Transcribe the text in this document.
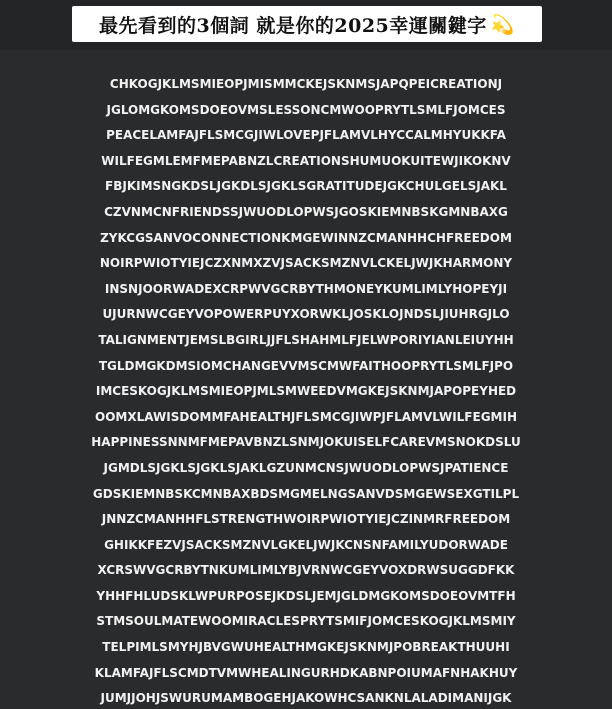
最先看到的3個詞 就是你的2025幸運關鍵字 💫
CHKOGJKLMSMIEOPJMISMMCKEJSKNMSJAPQPEICREATIONJ
JGLOMGKOMSDOEOVMSLESSONCMWOOPRYTLSMLFJOMCES
PEACELAMFAJFLSMCGJIWLOVEPJFLAMVLHYCCALMHYUKKFA
WILFEGMLEMFMEPABNZLCREATIONSHUMUOKUITEWJIKOKNV
FBJKIMSNGKDSLJGKDLSJGKLSGRATITUDEJGKCHULGELSJAKL
CZVNMCNFRIENDSSJWUODLOPWSJGOSKIEMNBSKGMNBAXG
ZYKCGSANVOCONNECTIONKMGEWINNZCMANHHCHFREEDOM
NOIRPWIOTYIEJCZXNMXZVJSACKSMZNVLCKELJWJKHARMONY
INSNJOORWADEXCRPWVGCRBYTHMONEYKUMLIMLYHOPEYJI
UJURNWCGEYVOPOWERPUYXORWKLJOSKLOJNDSLJIUHRGJLO
TALIGNMENTJEMSLBGIRLJJFLSHAHMLFJELWPORIYIANLEIUYHH
TGLDMGKDMSIOMCHANGEVVMSCMWFAITHOOPRYTLSMLFJPO
IMCESKOGJKLMSMIEOPJMLSMWEEDVMGKEJSKNMJAPOPEYHED
OOMXLAWISDOMMFAHEALTHJFLSMCGJIWPJFLAMVLWILFEGMIH
HAPPINESSNNMFMEPAVBNZLSNMJOKUISELFCAREVMSNOKDSLU
JGMDLSJGKLSJGKLSJAKLGZUNMCNSJWUODLOPWSJPATIENCE
GDSKIEMNBSKCMNBAXBDSMGMELNGSANVDSMGEWSEXGTILPL
JNNZCMANHHFLSTRENGTHWOIRPWIOTYIEJCZINMRFREEDOM
GHIKKFEZVJSACKSMZNVLGKELJWJKCNSNFAMILYUDORWADE
XCRSWVGCRBYTNKUMLIMLYBJVRNWCGEYVOXDRWSUGGDFKK
YHHFHLUDSKLWPURPOSEJKDSLJEMJGLDMGKOMSDOEOVMTFH
STMSOULMATEWOOMIRACLESPRYTSMIFJOMCESKOGJKLMSMIY
TELPIMLSMYHJBVGWUHEALTHMGKEJSKNMJPOBREAKTHUUHI
KLAMFAJFLSCMDTVMWHEALINGURHDKABNPOIUMAFNHAKHUY
JUMJJOHJSWURUMAMBOGEHJAKOWHCSANKNLALADIMANIJGK
